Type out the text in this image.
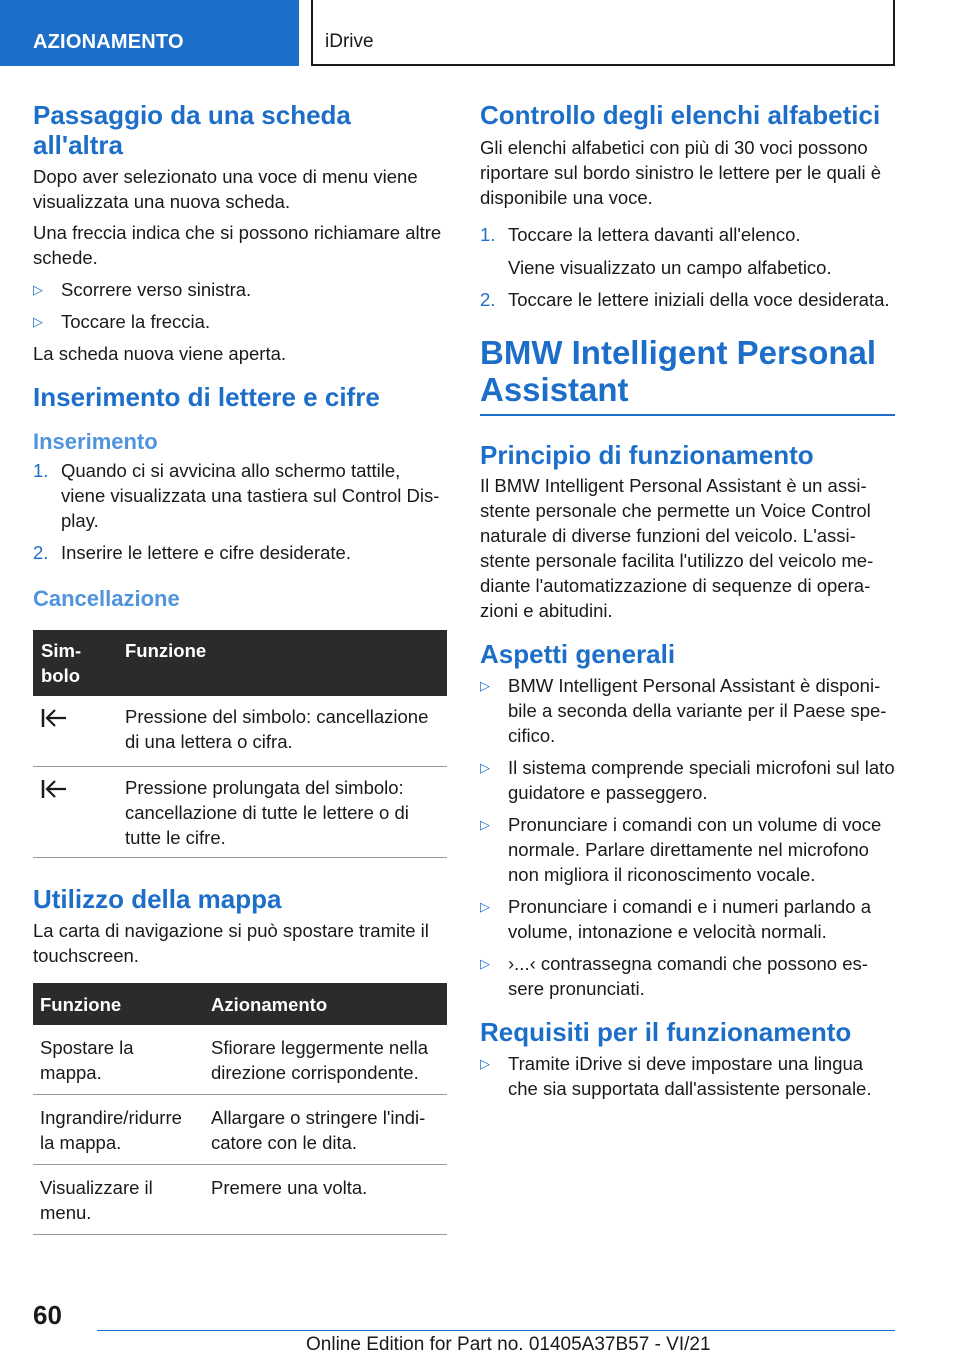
AZIONAMENTO	iDrive
Passaggio da una scheda all'altra

Dopo aver selezionato una voce di menu viene visualizzata una nuova scheda.

Una freccia indica che si possono richiamare altre schede.

▷ Scorrere verso sinistra.
▷ Toccare la freccia.

La scheda nuova viene aperta.

Inserimento di lettere e cifre
Inserimento
1. Quando ci si avvicina allo schermo tattile, viene visualizzata una tastiera sul Control Display.
2. Inserire le lettere e cifre desiderate.
Cancellazione
Simbolo	Funzione

	Pressione del simbolo: cancellazione di una lettera o cifra.

	Pressione prolungata del simbolo: cancellazione di tutte le lettere o di tutte le cifre.
Utilizzo della mappa

La carta di navigazione si può spostare tramite il touchscreen.

Funzione	Azionamento
Spostare la mappa.	Sfiorare leggermente nella direzione corrispondente.
Ingrandire/ridurre la mappa.	Allargare o stringere l'indicatore con le dita.
Visualizzare il menu.	Premere una volta.
Controllo degli elenchi alfabetici

Gli elenchi alfabetici con più di 30 voci possono riportare sul bordo sinistro le lettere per le quali è disponibile una voce.

1. Toccare la lettera davanti all'elenco.
Viene visualizzato un campo alfabetico.
2. Toccare le lettere iniziali della voce desiderata.
BMW Intelligent Personal Assistant
Principio di funzionamento

Il BMW Intelligent Personal Assistant è un assistente personale che permette un Voice Control naturale di diverse funzioni del veicolo. L'assistente personale facilita l'utilizzo del veicolo mediante l'automatizzazione di sequenze di operazioni e abitudini.

Aspetti generali
▷ BMW Intelligent Personal Assistant è disponibile a seconda della variante per il Paese specifico.
▷ Il sistema comprende speciali microfoni sul lato guidatore e passeggero.
▷ Pronunciare i comandi con un volume di voce normale. Parlare direttamente nel microfono non migliora il riconoscimento vocale.
▷ Pronunciare i comandi e i numeri parlando a volume, intonazione e velocità normali.
▷ ›...‹ contrassegna comandi che possono essere pronunciati.
Requisiti per il funzionamento
▷ Tramite iDrive si deve impostare una lingua che sia supportata dall'assistente personale.
60
Online Edition for Part no. 01405A37B57 - VI/21
